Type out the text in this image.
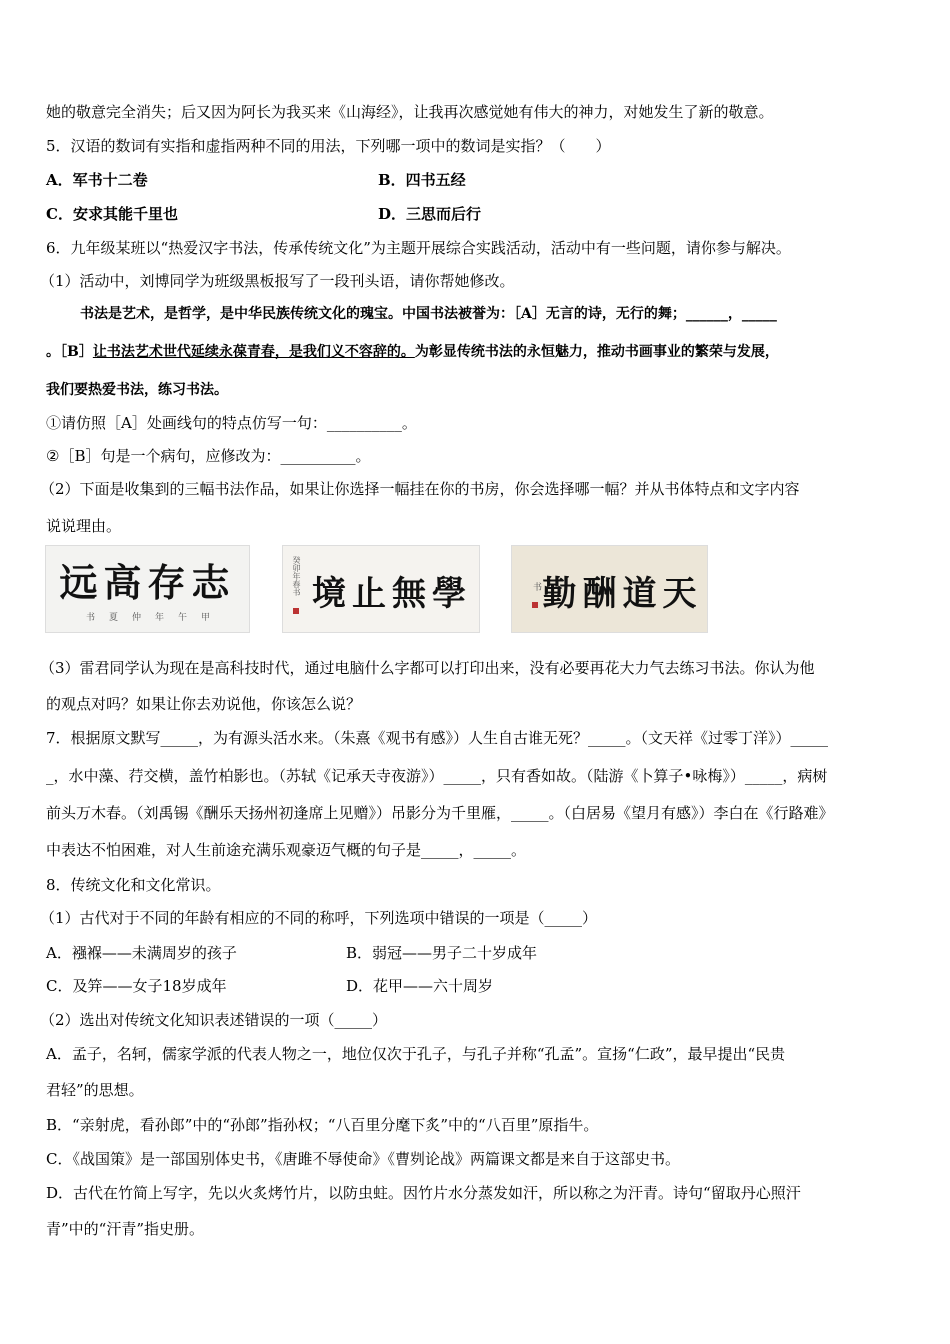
她的敬意完全消失；后又因为阿长为我买来《山海经》，让我再次感觉她有伟大的神力，对她发生了新的敬意。
5．汉语的数词有实指和虚指两种不同的用法，下列哪一项中的数词是实指？（　　）
A．军书十二卷	B．四书五经
C．安求其能千里也	D．三思而后行
6．九年级某班以“热爱汉字书法，传承传统文化”为主题开展综合实践活动，活动中有一些问题，请你参与解决。
（1）活动中，刘博同学为班级黑板报写了一段刊头语，请你帮她修改。
书法是艺术，是哲学，是中华民族传统文化的瑰宝。中国书法被誉为：［A］无言的诗，无行的舞；______，_____
。［B］让书法艺术世代延续永葆青春，是我们义不容辞的。为彰显传统书法的永恒魅力，推动书画事业的繁荣与发展，
我们要热爱书法，练习书法。
①请仿照［A］处画线句的特点仿写一句：__________。
②［B］句是一个病句，应修改为：__________。
（2）下面是收集到的三幅书法作品，如果让你选择一幅挂在你的书房，你会选择哪一幅？并从书体特点和文字内容
说说理由。
志存高远
甲午年仲夏书
癸卯年春书 學無止境	书 天道酬勤
（3）雷君同学认为现在是高科技时代，通过电脑什么字都可以打印出来，没有必要再花大力气去练习书法。你认为他
的观点对吗？如果让你去劝说他，你该怎么说？
7．根据原文默写_____，为有源头活水来。（朱熹《观书有感》）人生自古谁无死？_____。（文天祥《过零丁洋》）_____
_，水中藻、荇交横，盖竹柏影也。（苏轼《记承天寺夜游》）_____，只有香如故。（陆游《卜算子•咏梅》）_____，病树
前头万木春。（刘禹锡《酬乐天扬州初逢席上见赠》）吊影分为千里雁，_____。（白居易《望月有感》）李白在《行路难》
中表达不怕困难，对人生前途充满乐观豪迈气概的句子是_____，_____。
8．传统文化和文化常识。
（1）古代对于不同的年龄有相应的不同的称呼，下列选项中错误的一项是（_____）
A．襁褓——未满周岁的孩子	B．弱冠——男子二十岁成年
C．及笄——女子18岁成年	D．花甲——六十周岁
（2）选出对传统文化知识表述错误的一项（_____）
A．孟子，名轲，儒家学派的代表人物之一，地位仅次于孔子，与孔子并称“孔孟”。宣扬“仁政”，最早提出“民贵
君轻”的思想。
B．“亲射虎，看孙郎”中的“孙郎”指孙权；“八百里分麾下炙”中的“八百里”原指牛。
C．《战国策》是一部国别体史书，《唐雎不辱使命》《曹刿论战》两篇课文都是来自于这部史书。
D．古代在竹简上写字，先以火炙烤竹片，以防虫蛀。因竹片水分蒸发如汗，所以称之为汗青。诗句“留取丹心照汗
青”中的“汗青”指史册。
